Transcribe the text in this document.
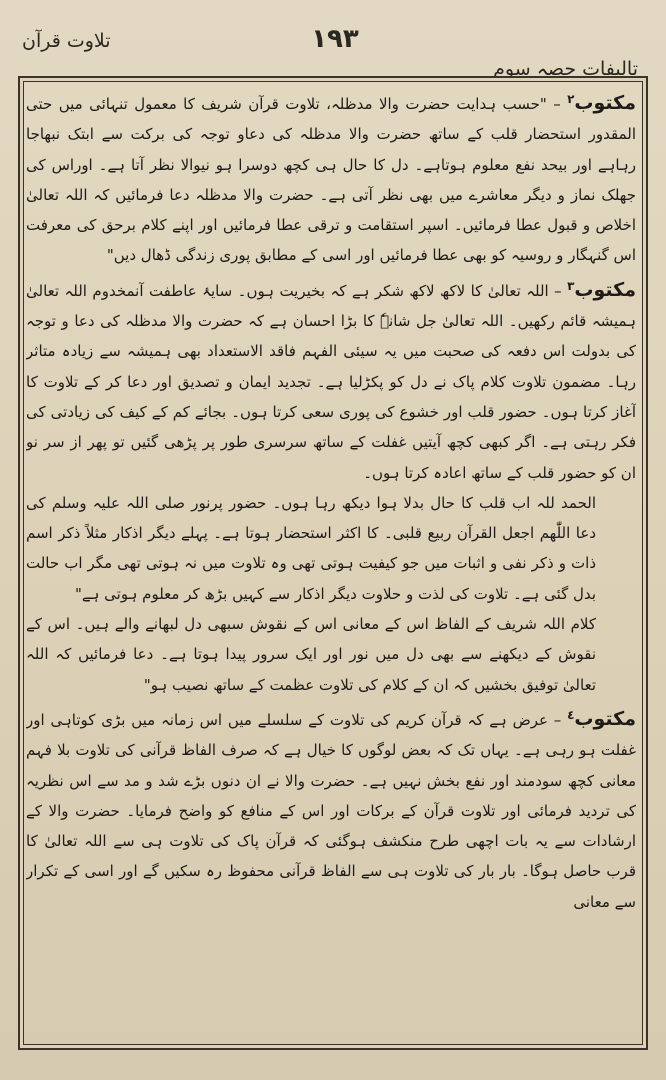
١٩٣
تالیفات حصہ سوم
تلاوت قرآن

مکتوب$^٢$ – "حسب ہدایت حضرت والا مدظلہ، تلاوت قرآن شریف کا معمول تنہائی میں حتی المقدور استحضار قلب کے ساتھ حضرت والا مدظلہ کی دعاو توجہ کی برکت سے ابتک نبھاجا رہاہے اور بیحد نفع معلوم ہوتاہے۔ دل کا حال ہی کچھ دوسرا ہو نیوالا نظر آتا ہے۔ اوراس کی جھلک نماز و دیگر معاشرے میں بھی نظر آتی ہے۔ حضرت والا مدظلہ دعا فرمائیں کہ اللہ تعالیٰ اخلاص و قبول عطا فرمائیں۔ اسپر استقامت و ترقی عطا فرمائیں اور اپنے کلام برحق کی معرفت اس گنہگار و روسیہ کو بھی عطا فرمائیں اور اسی کے مطابق پوری زندگی ڈھال دیں"

مکتوب$^٣$ – اللہ تعالیٰ کا لاکھ لاکھ شکر ہے کہ بخیریت ہوں۔ سایۂ عاطفت آنمخدوم اللہ تعالیٰ ہمیشہ قائم رکھیں۔ اللہ تعالیٰ جل شانہٗ کا بڑا احسان ہے کہ حضرت والا مدظلہ کی دعا و توجہ کی بدولت اس دفعہ کی صحبت میں یہ سیئی الفہم فاقد الاستعداد بھی ہمیشہ سے زیادہ متاثر رہا۔ مضمون تلاوت کلام پاک نے دل کو پکڑلیا ہے۔ تجدید ایمان و تصدیق اور دعا کر کے تلاوت کا آغاز کرتا ہوں۔ حضور قلب اور خشوع کی پوری سعی کرتا ہوں۔ بجائے کم کے کیف کی زیادتی کی فکر رہتی ہے۔ اگر کبھی کچھ آیتیں غفلت کے ساتھ سرسری طور پر پڑھی گئیں تو پھر از سر نو ان کو حضور قلب کے ساتھ اعادہ کرتا ہوں۔

الحمد للہ اب قلب کا حال بدلا ہوا دیکھ رہا ہوں۔ حضور پرنور صلی اللہ علیہ وسلم کی دعا اللّٰھم اجعل القرآن ربیع قلبی۔ کا اکثر استحضار ہوتا ہے۔ پہلے دیگر اذکار مثلاً ذکر اسم ذات و ذکر نفی و اثبات میں جو کیفیت ہوتی تھی وہ تلاوت میں نہ ہوتی تھی مگر اب حالت بدل گئی ہے۔ تلاوت کی لذت و حلاوت دیگر اذکار سے کہیں بڑھ کر معلوم ہوتی ہے"

کلام اللہ شریف کے الفاظ اس کے معانی اس کے نقوش سبھی دل لبھانے والے ہیں۔ اس کے نقوش کے دیکھنے سے بھی دل میں نور اور ایک سرور پیدا ہوتا ہے۔ دعا فرمائیں کہ اللہ تعالیٰ توفیق بخشیں کہ ان کے کلام کی تلاوت عظمت کے ساتھ نصیب ہو"

مکتوب$^٤$ – عرض ہے کہ قرآن کریم کی تلاوت کے سلسلے میں اس زمانہ میں بڑی کوتاہی اور غفلت ہو رہی ہے۔ یہاں تک کہ بعض لوگوں کا خیال ہے کہ صرف الفاظ قرآنی کی تلاوت بلا فہم معانی کچھ سودمند اور نفع بخش نہیں ہے۔ حضرت والا نے ان دنوں بڑے شد و مد سے اس نظریہ کی تردید فرمائی اور تلاوت قرآن کے برکات اور اس کے منافع کو واضح فرمایا۔ حضرت والا کے ارشادات سے یہ بات اچھی طرح منکشف ہوگئی کہ قرآن پاک کی تلاوت ہی سے اللہ تعالیٰ کا قرب حاصل ہوگا۔ بار بار کی تلاوت ہی سے الفاظ قرآنی محفوظ رہ سکیں گے اور اسی کے تکرار سے معانی
